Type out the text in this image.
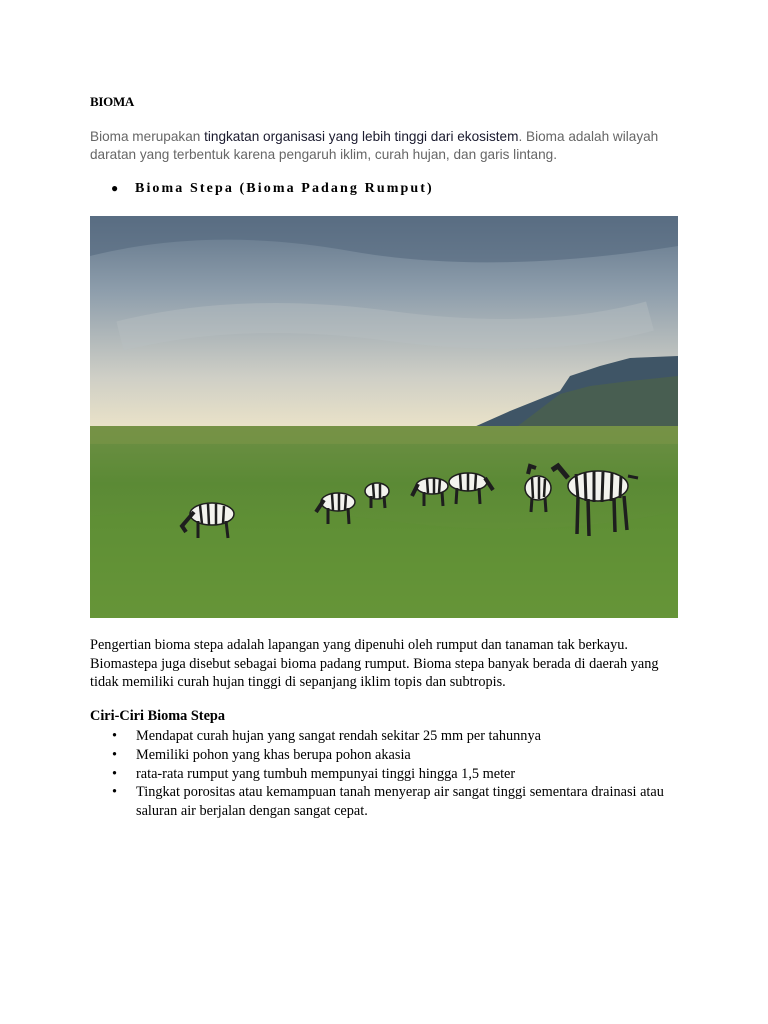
BIOMA
Bioma merupakan tingkatan organisasi yang lebih tinggi dari ekosistem. Bioma adalah wilayah daratan yang terbentuk karena pengaruh iklim, curah hujan, dan garis lintang.
● Bioma Stepa (Bioma Padang Rumput)
Pengertian bioma stepa adalah lapangan yang dipenuhi oleh rumput dan tanaman tak berkayu. Biomastepa juga disebut sebagai bioma padang rumput. Bioma stepa banyak berada di daerah yang tidak memiliki curah hujan tinggi di sepanjang iklim topis dan subtropis.
Ciri-Ciri Bioma Stepa
• Mendapat curah hujan yang sangat rendah sekitar 25 mm per tahunnya
• Memiliki pohon yang khas berupa pohon akasia
• rata-rata rumput yang tumbuh mempunyai tinggi hingga 1,5 meter
• Tingkat porositas atau kemampuan tanah menyerap air sangat tinggi sementara drainasi atau saluran air berjalan dengan sangat cepat.
